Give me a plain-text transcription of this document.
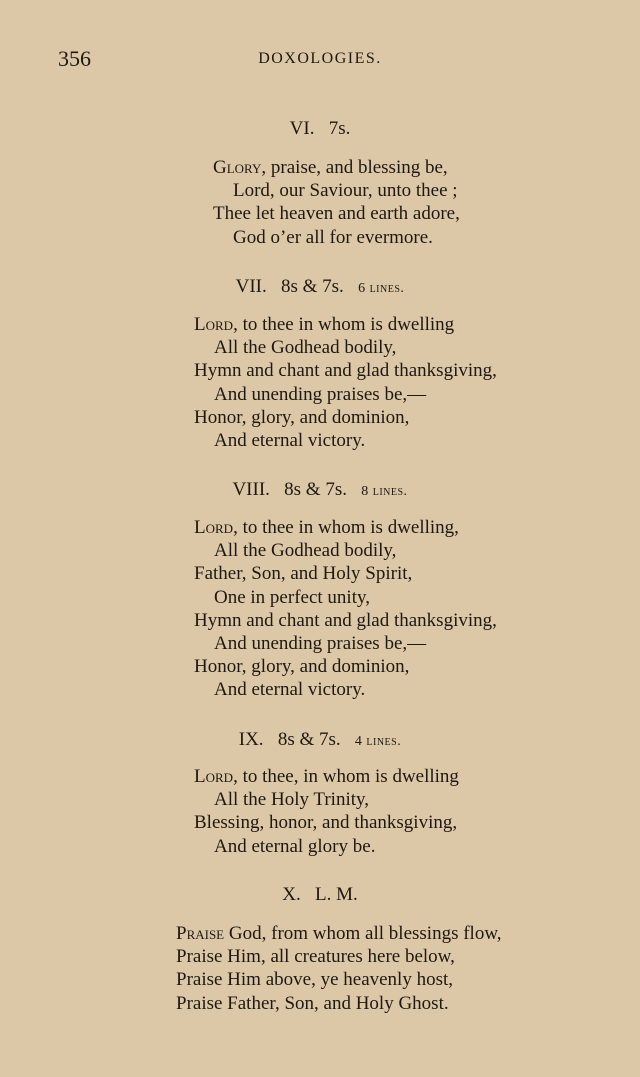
356	DOXOLOGIES.
VI. 7s.
Glory, praise, and blessing be,
Lord, our Saviour, unto thee ;
Thee let heaven and earth adore,
God o’er all for evermore.
VII. 8s & 7s. 6 lines.
Lord, to thee in whom is dwelling
All the Godhead bodily,
Hymn and chant and glad thanksgiving,
And unending praises be,—
Honor, glory, and dominion,
And eternal victory.
VIII. 8s & 7s. 8 lines.
Lord, to thee in whom is dwelling,
All the Godhead bodily,
Father, Son, and Holy Spirit,
One in perfect unity,
Hymn and chant and glad thanksgiving,
And unending praises be,—
Honor, glory, and dominion,
And eternal victory.
IX. 8s & 7s. 4 lines.
Lord, to thee, in whom is dwelling
All the Holy Trinity,
Blessing, honor, and thanksgiving,
And eternal glory be.
X. L. M.
Praise God, from whom all blessings flow,
Praise Him, all creatures here below,
Praise Him above, ye heavenly host,
Praise Father, Son, and Holy Ghost.
